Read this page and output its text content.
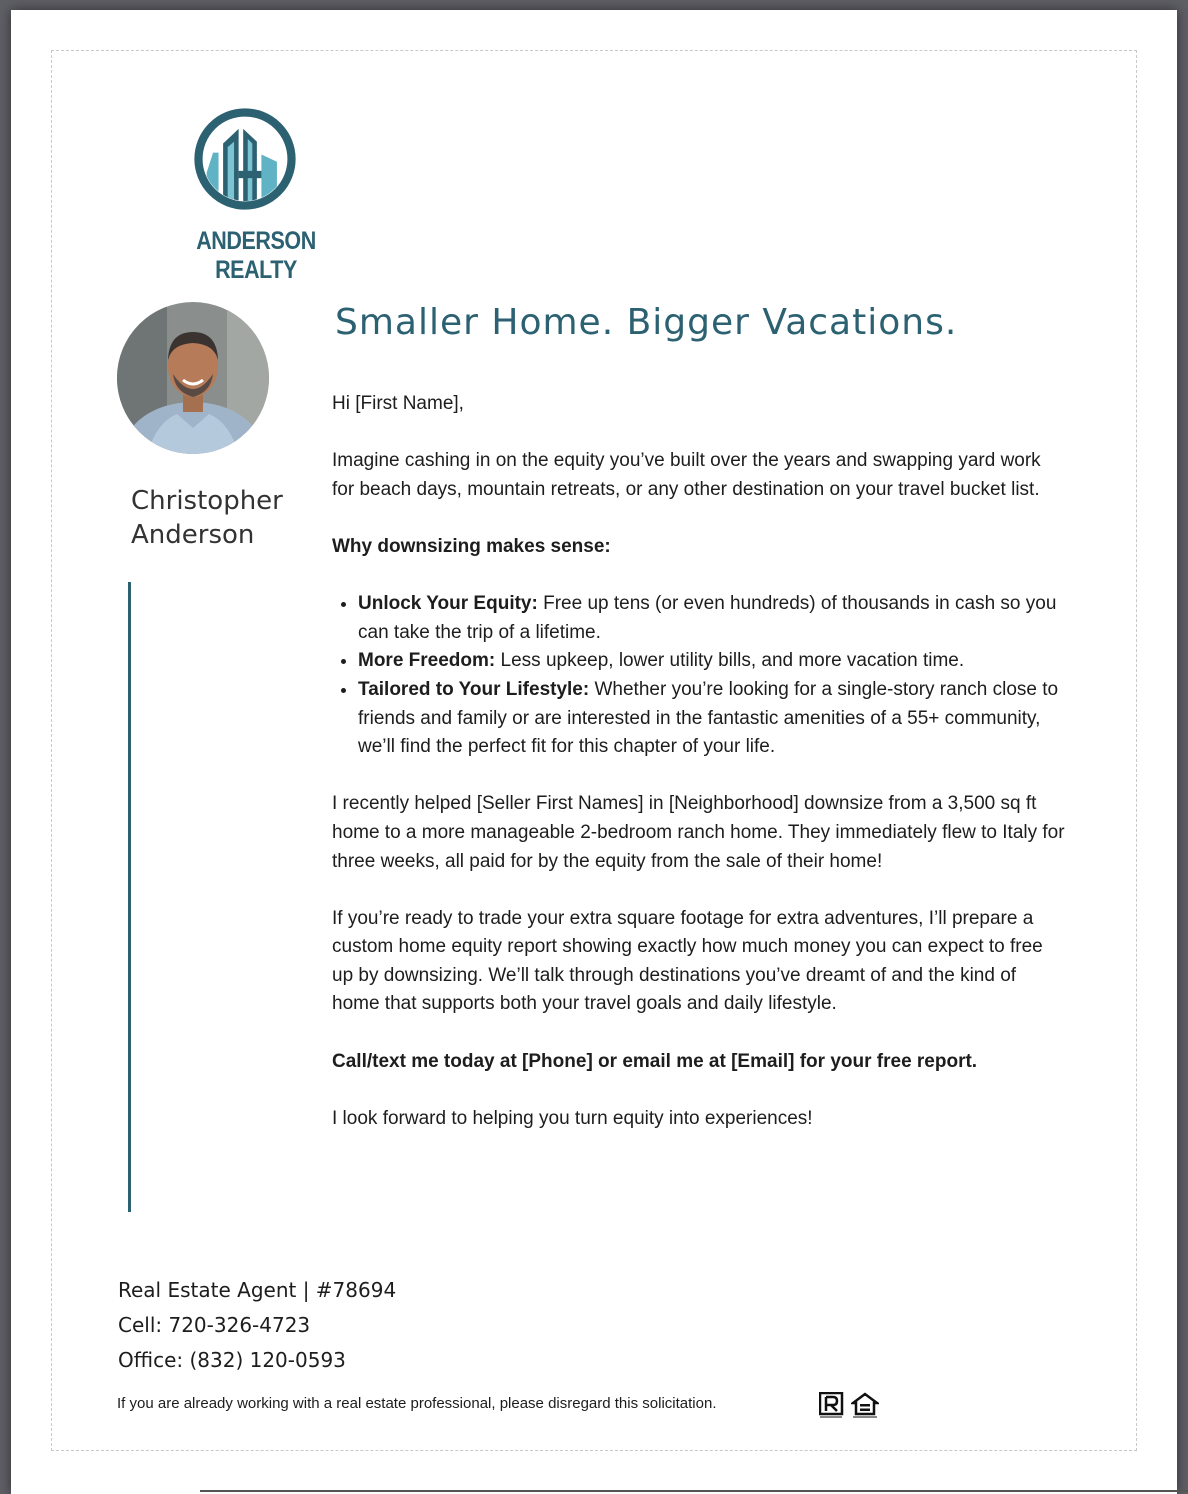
ANDERSON REALTY
Christopher
Anderson
Smaller Home. Bigger Vacations.

Hi [First Name],

Imagine cashing in on the equity you’ve built over the years and swapping yard work for beach days, mountain retreats, or any other destination on your travel bucket list.

Why downsizing makes sense:

• Unlock Your Equity: Free up tens (or even hundreds) of thousands in cash so you can take the trip of a lifetime.
• More Freedom: Less upkeep, lower utility bills, and more vacation time.
• Tailored to Your Lifestyle: Whether you’re looking for a single-story ranch close to friends and family or are interested in the fantastic amenities of a 55+ community, we’ll find the perfect fit for this chapter of your life.

I recently helped [Seller First Names] in [Neighborhood] downsize from a 3,500 sq ft home to a more manageable 2-bedroom ranch home. They immediately flew to Italy for three weeks, all paid for by the equity from the sale of their home!

If you’re ready to trade your extra square footage for extra adventures, I’ll prepare a custom home equity report showing exactly how much money you can expect to free up by downsizing. We’ll talk through destinations you’ve dreamt of and the kind of home that supports both your travel goals and daily lifestyle.

Call/text me today at [Phone] or email me at [Email] for your free report.

I look forward to helping you turn equity into experiences!

Real Estate Agent | #78694
Cell: 720-326-4723
Office: (832) 120-0593
If you are already working with a real estate professional, please disregard this solicitation.
